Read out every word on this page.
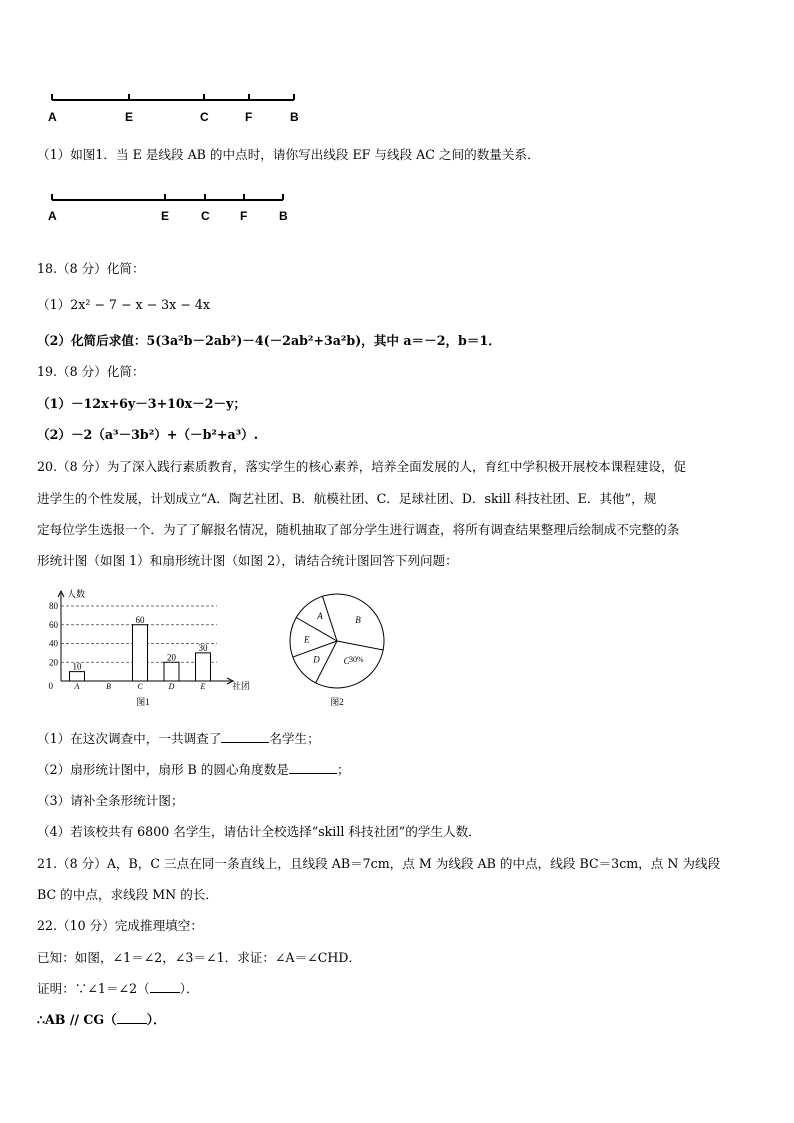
A	E	C	F	B
（1）如图1．当 E 是线段 AB 的中点时，请你写出线段 EF 与线段 AC 之间的数量关系．
A	E	C	F	B
18.（8 分）化简：
（1）2x² − 7 − x − 3x − 4x
（2）化简后求值：5(3a²b－2ab²)－4(－2ab²+3a²b)，其中 a＝－2，b＝1．
19.（8 分）化简：
（1）－12x+6y－3+10x－2－y；
（2）－2（a³－3b²）+（－b²+a³）.
20.（8 分）为了深入践行素质教育，落实学生的核心素养，培养全面发展的人，育红中学积极开展校本课程建设，促
进学生的个性发展，计划成立“A．陶艺社团、B．航模社团、C．足球社团、D．skill 科技社团、E．其他”，规
定每位学生选报一个．为了了解报名情况，随机抽取了部分学生进行调查，将所有调查结果整理后绘制成不完整的条
形统计图（如图 1）和扇形统计图（如图 2），请结合统计图回答下列问题：
0
20
40
60
80
人数
社团
10
A	B
60
C
20
D
30
E
图1
A	B
C
D
E
30%
图2
（1）在这次调查中，一共调查了	名学生；
（2）扇形统计图中，扇形 B 的圆心角度数是	；
（3）请补全条形统计图；
（4）若该校共有 6800 名学生，请估计全校选择“skill 科技社团”的学生人数．
21.（8 分）A，B，C 三点在同一条直线上，且线段 AB＝7cm，点 M 为线段 AB 的中点，线段 BC＝3cm，点 N 为线段
BC 的中点，求线段 MN 的长．
22.（10 分）完成推理填空：
已知：如图，∠1＝∠2，∠3＝∠1．求证：∠A＝∠CHD．
证明：∵∠1＝∠2（ ）．
∴AB // CG（ ）．
